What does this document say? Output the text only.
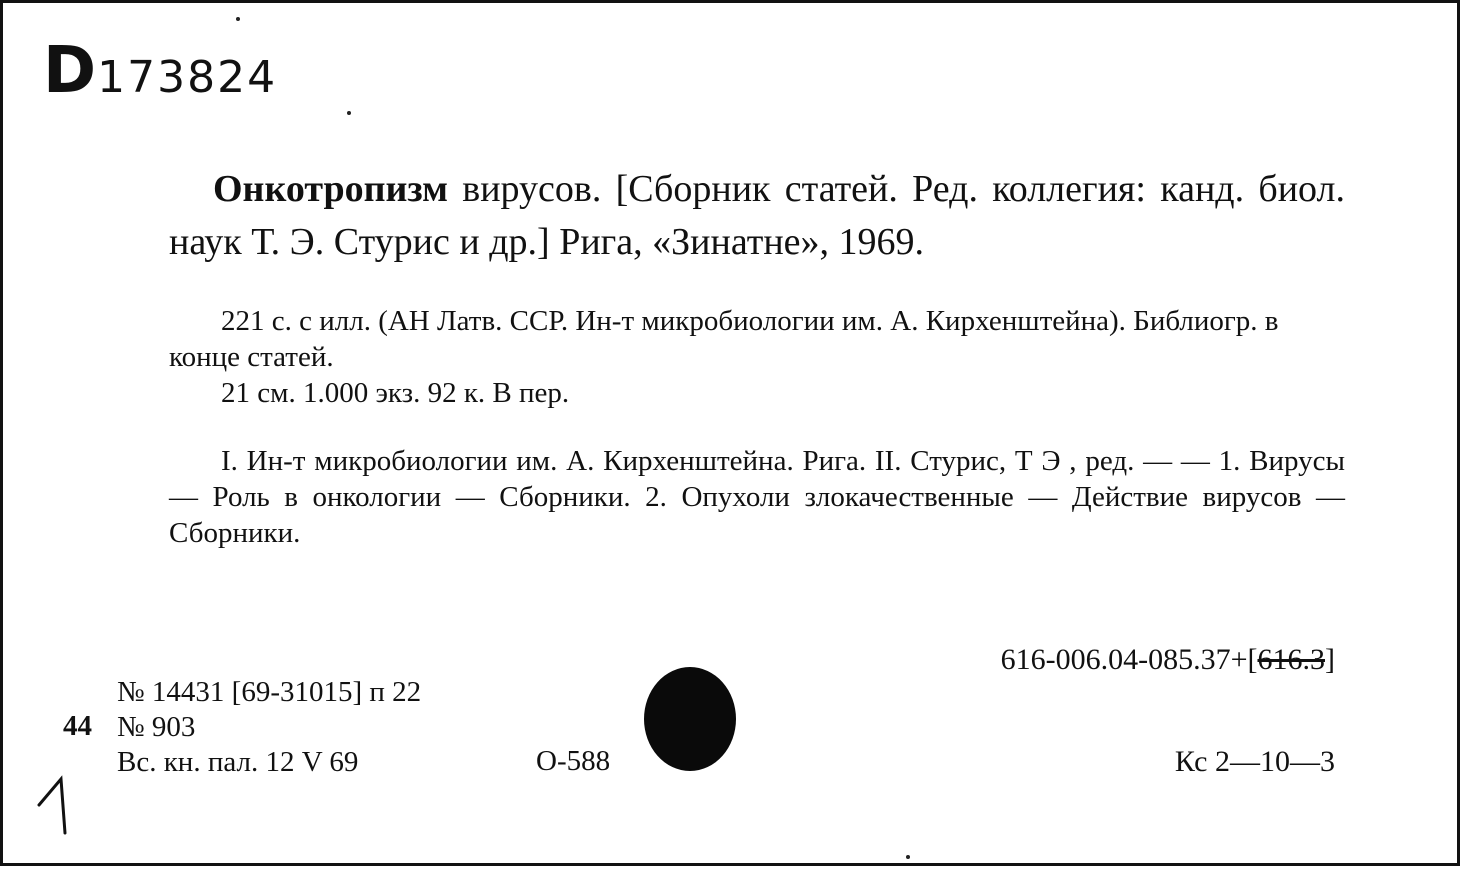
D173824

Онкотропизм вирусов. [Сборник статей. Ред. коллегия: канд. биол. наук Т. Э. Стурис и др.] Рига, «Зинатне», 1969.

221 с. с илл. (АН Латв. ССР. Ин-т микробиологии им. А. Кирхенштейна). Библиогр. в конце статей.

21 см. 1.000 экз. 92 к. В пер.

I. Ин-т микробиологии им. А. Кирхенштейна. Рига. II. Стурис, Т Э , ред. — — 1. Вирусы — Роль в онкологии — Сборники. 2. Опухоли злокачественные — Действие вирусов — Сборники.

616-006.04-085.37+[616.3]

№ 14431 [69-31015] п 22

№ 903

Вс. кн. пал. 12 V 69

44

О-588	Кс 2—10—3
